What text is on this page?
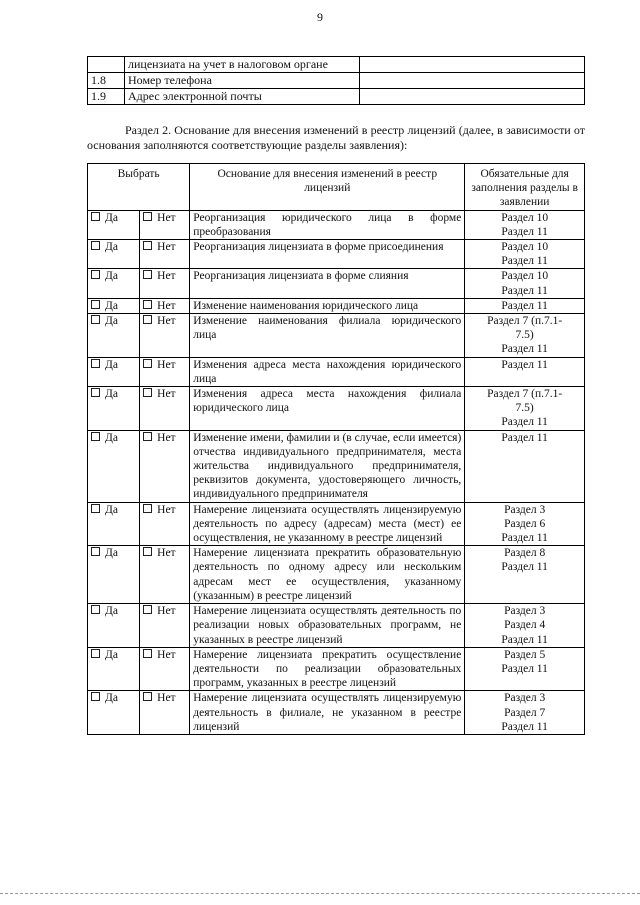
9
	лицензиата на учет в налоговом органе	
1.8	Номер телефона	
1.9	Адрес электронной почты	
Раздел 2. Основание для внесения изменений в реестр лицензий (далее, в зависимости от основания заполняются соответствующие разделы заявления):
Выбрать		Основание для внесения изменений в реестр лицензий	Обязательные для заполнения разделы в заявлении
Да	Нет	Реорганизация юридического лица в форме преобразования	Раздел 10
Раздел 11

Да	Нет	Реорганизация лицензиата в форме присоединения	Раздел 10
Раздел 11

Да	Нет	Реорганизация лицензиата в форме слияния	Раздел 10
Раздел 11

Да	Нет	Изменение наименования юридического лица	Раздел 11

Да	Нет	Изменение наименования филиала юридического лица	Раздел 7 (п.7.1-
7.5)
Раздел 11

Да	Нет	Изменения адреса места нахождения юридического лица	Раздел 11

Да	Нет	Изменения адреса места нахождения филиала юридического лица	Раздел 7 (п.7.1-
7.5)
Раздел 11

Да	Нет	Изменение имени, фамилии и (в случае, если имеется) отчества индивидуального предпринимателя, места жительства индивидуального предпринимателя, реквизитов документа, удостоверяющего личность, индивидуального предпринимателя	Раздел 11

Да	Нет	Намерение лицензиата осуществлять лицензируемую деятельность по адресу (адресам) места (мест) ее осуществления, не указанному в реестре лицензий	Раздел 3
Раздел 6
Раздел 11

Да	Нет	Намерение лицензиата прекратить образовательную деятельность по одному адресу или нескольким адресам мест ее осуществления, указанному (указанным) в реестре лицензий	Раздел 8
Раздел 11

Да	Нет	Намерение лицензиата осуществлять деятельность по реализации новых образовательных программ, не указанных в реестре лицензий	Раздел 3
Раздел 4
Раздел 11

Да	Нет	Намерение лицензиата прекратить осуществление деятельности по реализации образовательных программ, указанных в реестре лицензий	Раздел 5
Раздел 11

Да	Нет	Намерение лицензиата осуществлять лицензируемую деятельность в филиале, не указанном в реестре лицензий	Раздел 3
Раздел 7
Раздел 11
